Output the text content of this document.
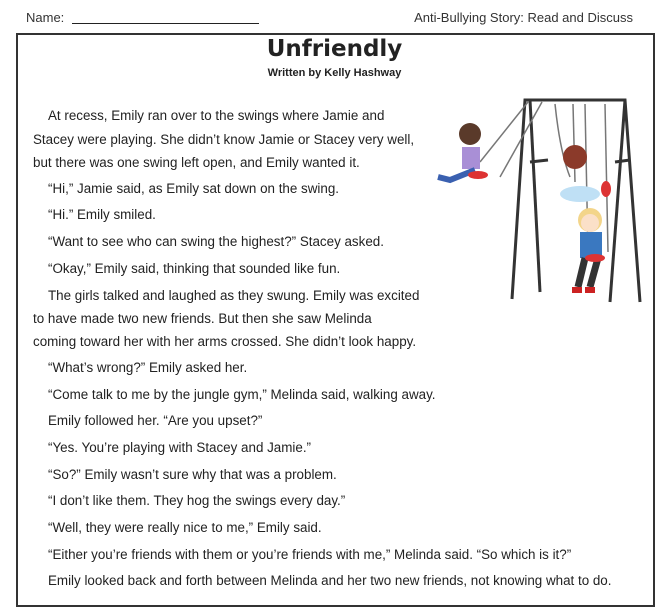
Name:	Anti-Bullying Story: Read and Discuss
Unfriendly
Written by Kelly Hashway
At recess, Emily ran over to the swings where Jamie and
Stacey were playing. She didn’t know Jamie or Stacey very well,
but there was one swing left open, and Emily wanted it.
“Hi,” Jamie said, as Emily sat down on the swing.
“Hi.” Emily smiled.
“Want to see who can swing the highest?” Stacey asked.
“Okay,” Emily said, thinking that sounded like fun.
The girls talked and laughed as they swung. Emily was excited
to have made two new friends. But then she saw Melinda
coming toward her with her arms crossed. She didn’t look happy.
“What’s wrong?” Emily asked her.
“Come talk to me by the jungle gym,” Melinda said, walking away.
Emily followed her. “Are you upset?”
“Yes. You’re playing with Stacey and Jamie.”
“So?” Emily wasn’t sure why that was a problem.
“I don’t like them. They hog the swings every day.”
“Well, they were really nice to me,” Emily said.
“Either you’re friends with them or you’re friends with me,” Melinda said. “So which is it?”
Emily looked back and forth between Melinda and her two new friends, not knowing what to do.
